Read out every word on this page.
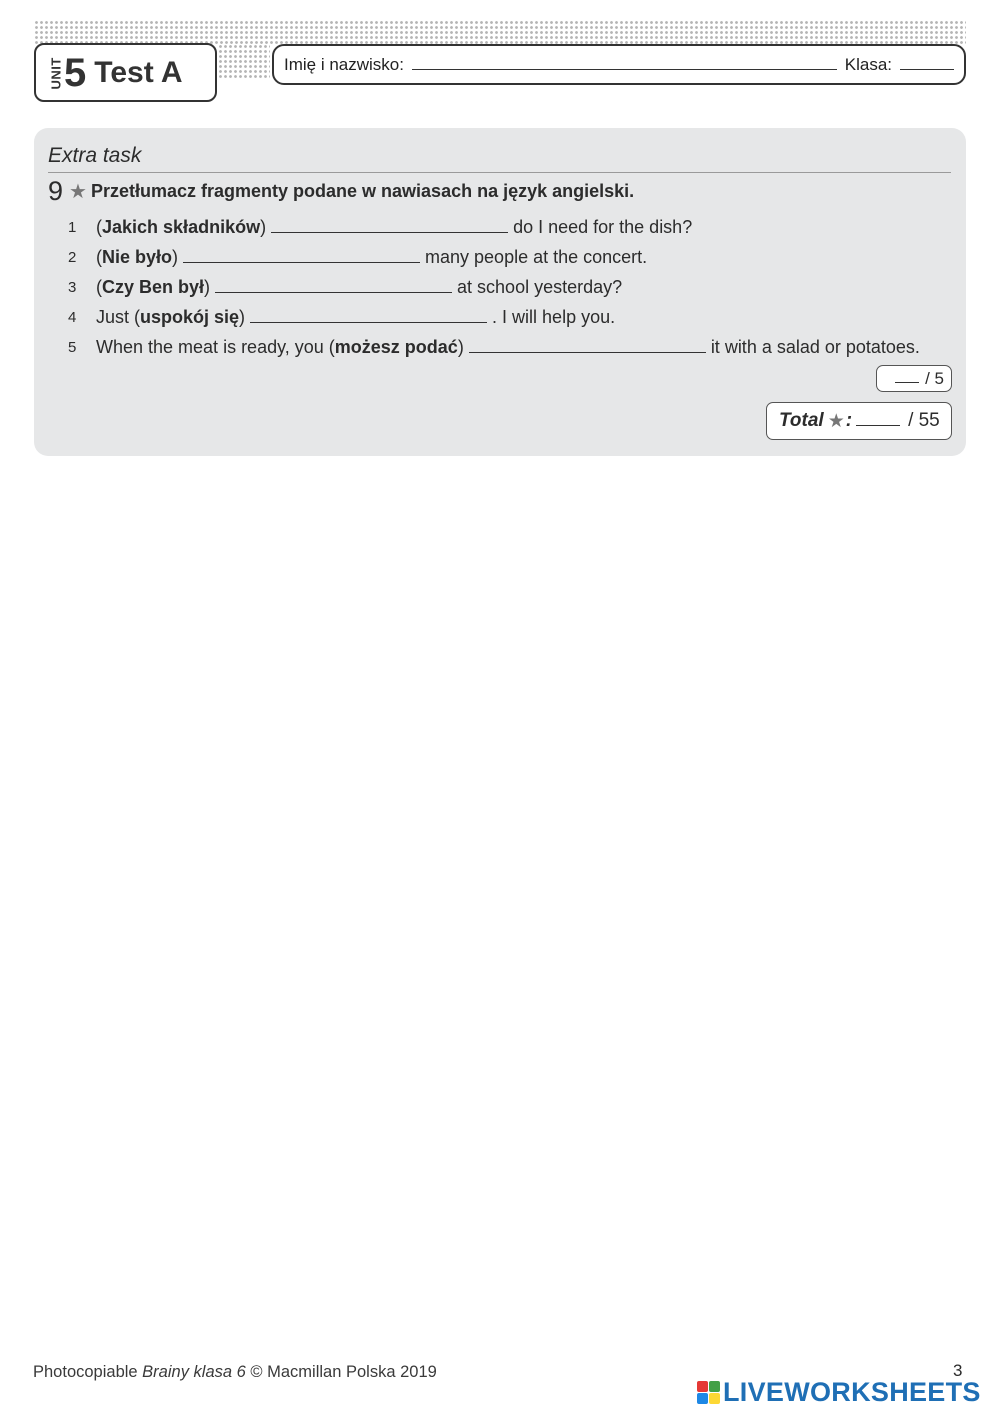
UNIT 5 Test A	Imię i nazwisko:	Klasa:
Extra task
9 ★ Przetłumacz fragmenty podane w nawiasach na język angielski.
1	( Jakich składników )	do I need for the dish?
2	( Nie było )	many people at the concert.
3	( Czy Ben był )	at school yesterday?
4	Just ( uspokój się )	. I will help you.
5	When the meat is ready, you ( możesz podać )	it with a salad or potatoes.
/ 5
Total ★ :	/ 55
Photocopiable Brainy klasa 6 © Macmillan Polska 2019	3
LIVEWORKSHEETS
